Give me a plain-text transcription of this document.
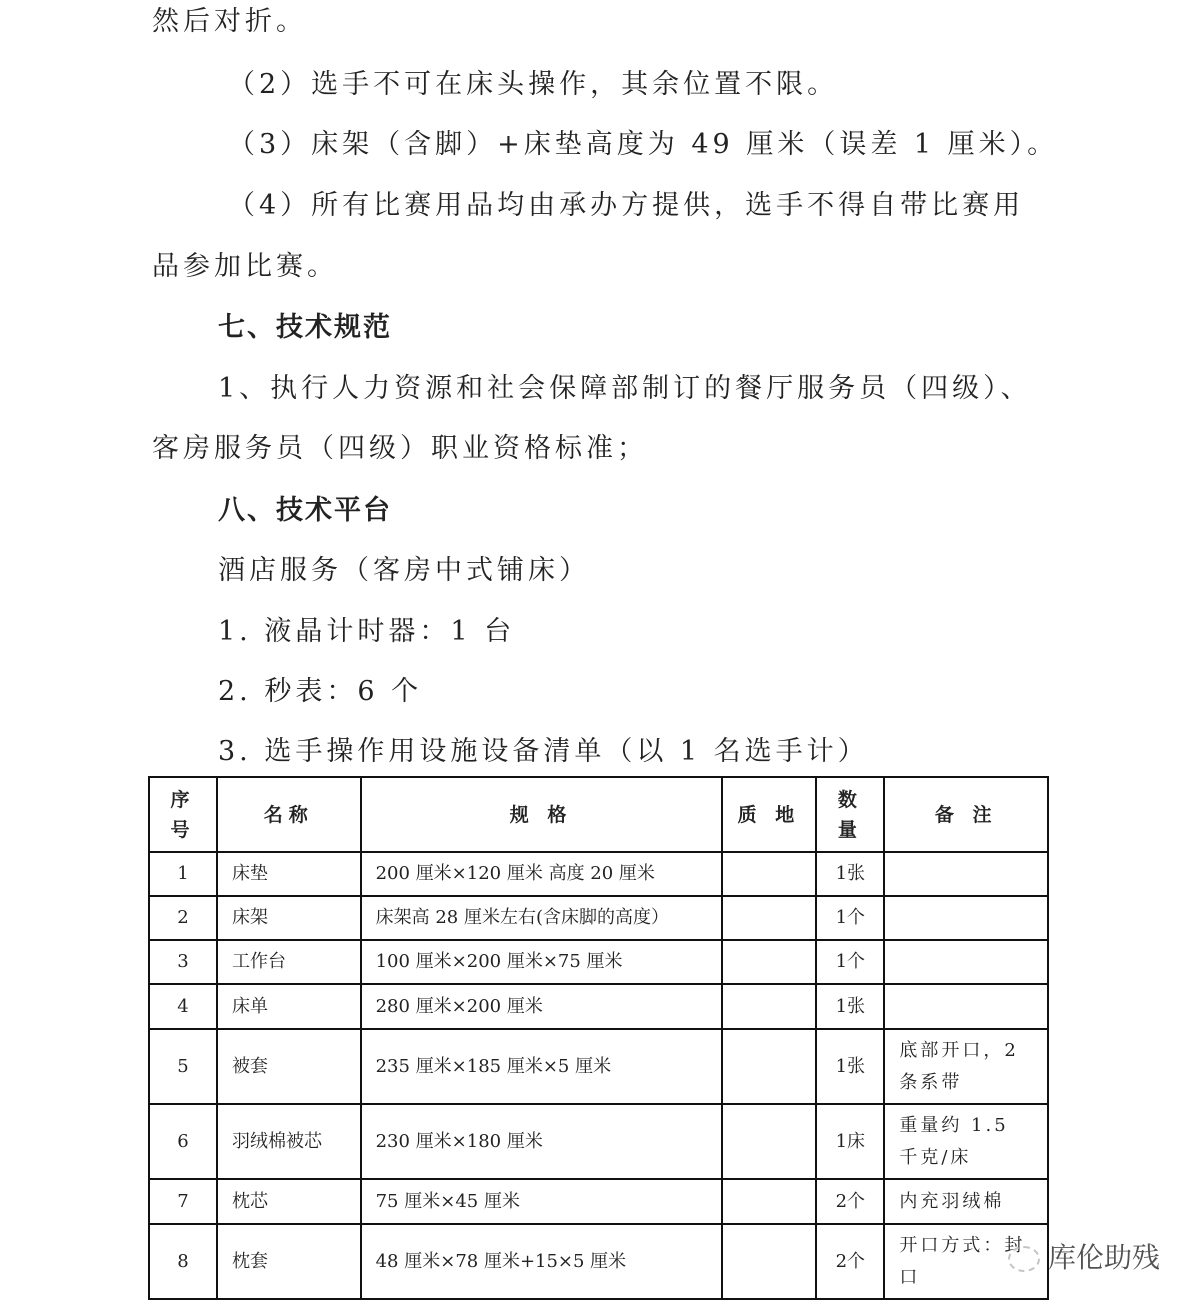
然后对折。
（2）选手不可在床头操作，其余位置不限。
（3）床架（含脚）+床垫高度为 49 厘米（误差 1 厘米）。
（4）所有比赛用品均由承办方提供，选手不得自带比赛用
品参加比赛。
七、技术规范
1、执行人力资源和社会保障部制订的餐厅服务员（四级）、
客房服务员（四级）职业资格标准；
八、技术平台
酒店服务（客房中式铺床）
1. 液晶计时器：1 台
2. 秒表：6 个
3. 选手操作用设施设备清单（以 1 名选手计）
序号	名称	规 格	质 地	数量	备 注
1	床垫	200 厘米×120 厘米 高度 20 厘米		1张	
2	床架	床架高 28 厘米左右(含床脚的高度）		1个	
3	工作台	100 厘米×200 厘米×75 厘米		1个	
4	床单	280 厘米×200 厘米		1张	
5	被套	235 厘米×185 厘米×5 厘米		1张	底部开口，2条系带
6	羽绒棉被芯	230 厘米×180 厘米		1床	重量约 1.5 千克/床
7	枕芯	75 厘米×45 厘米		2个	内充羽绒棉
8	枕套	48 厘米×78 厘米+15×5 厘米		2个	开口方式：封口
库伦助残
